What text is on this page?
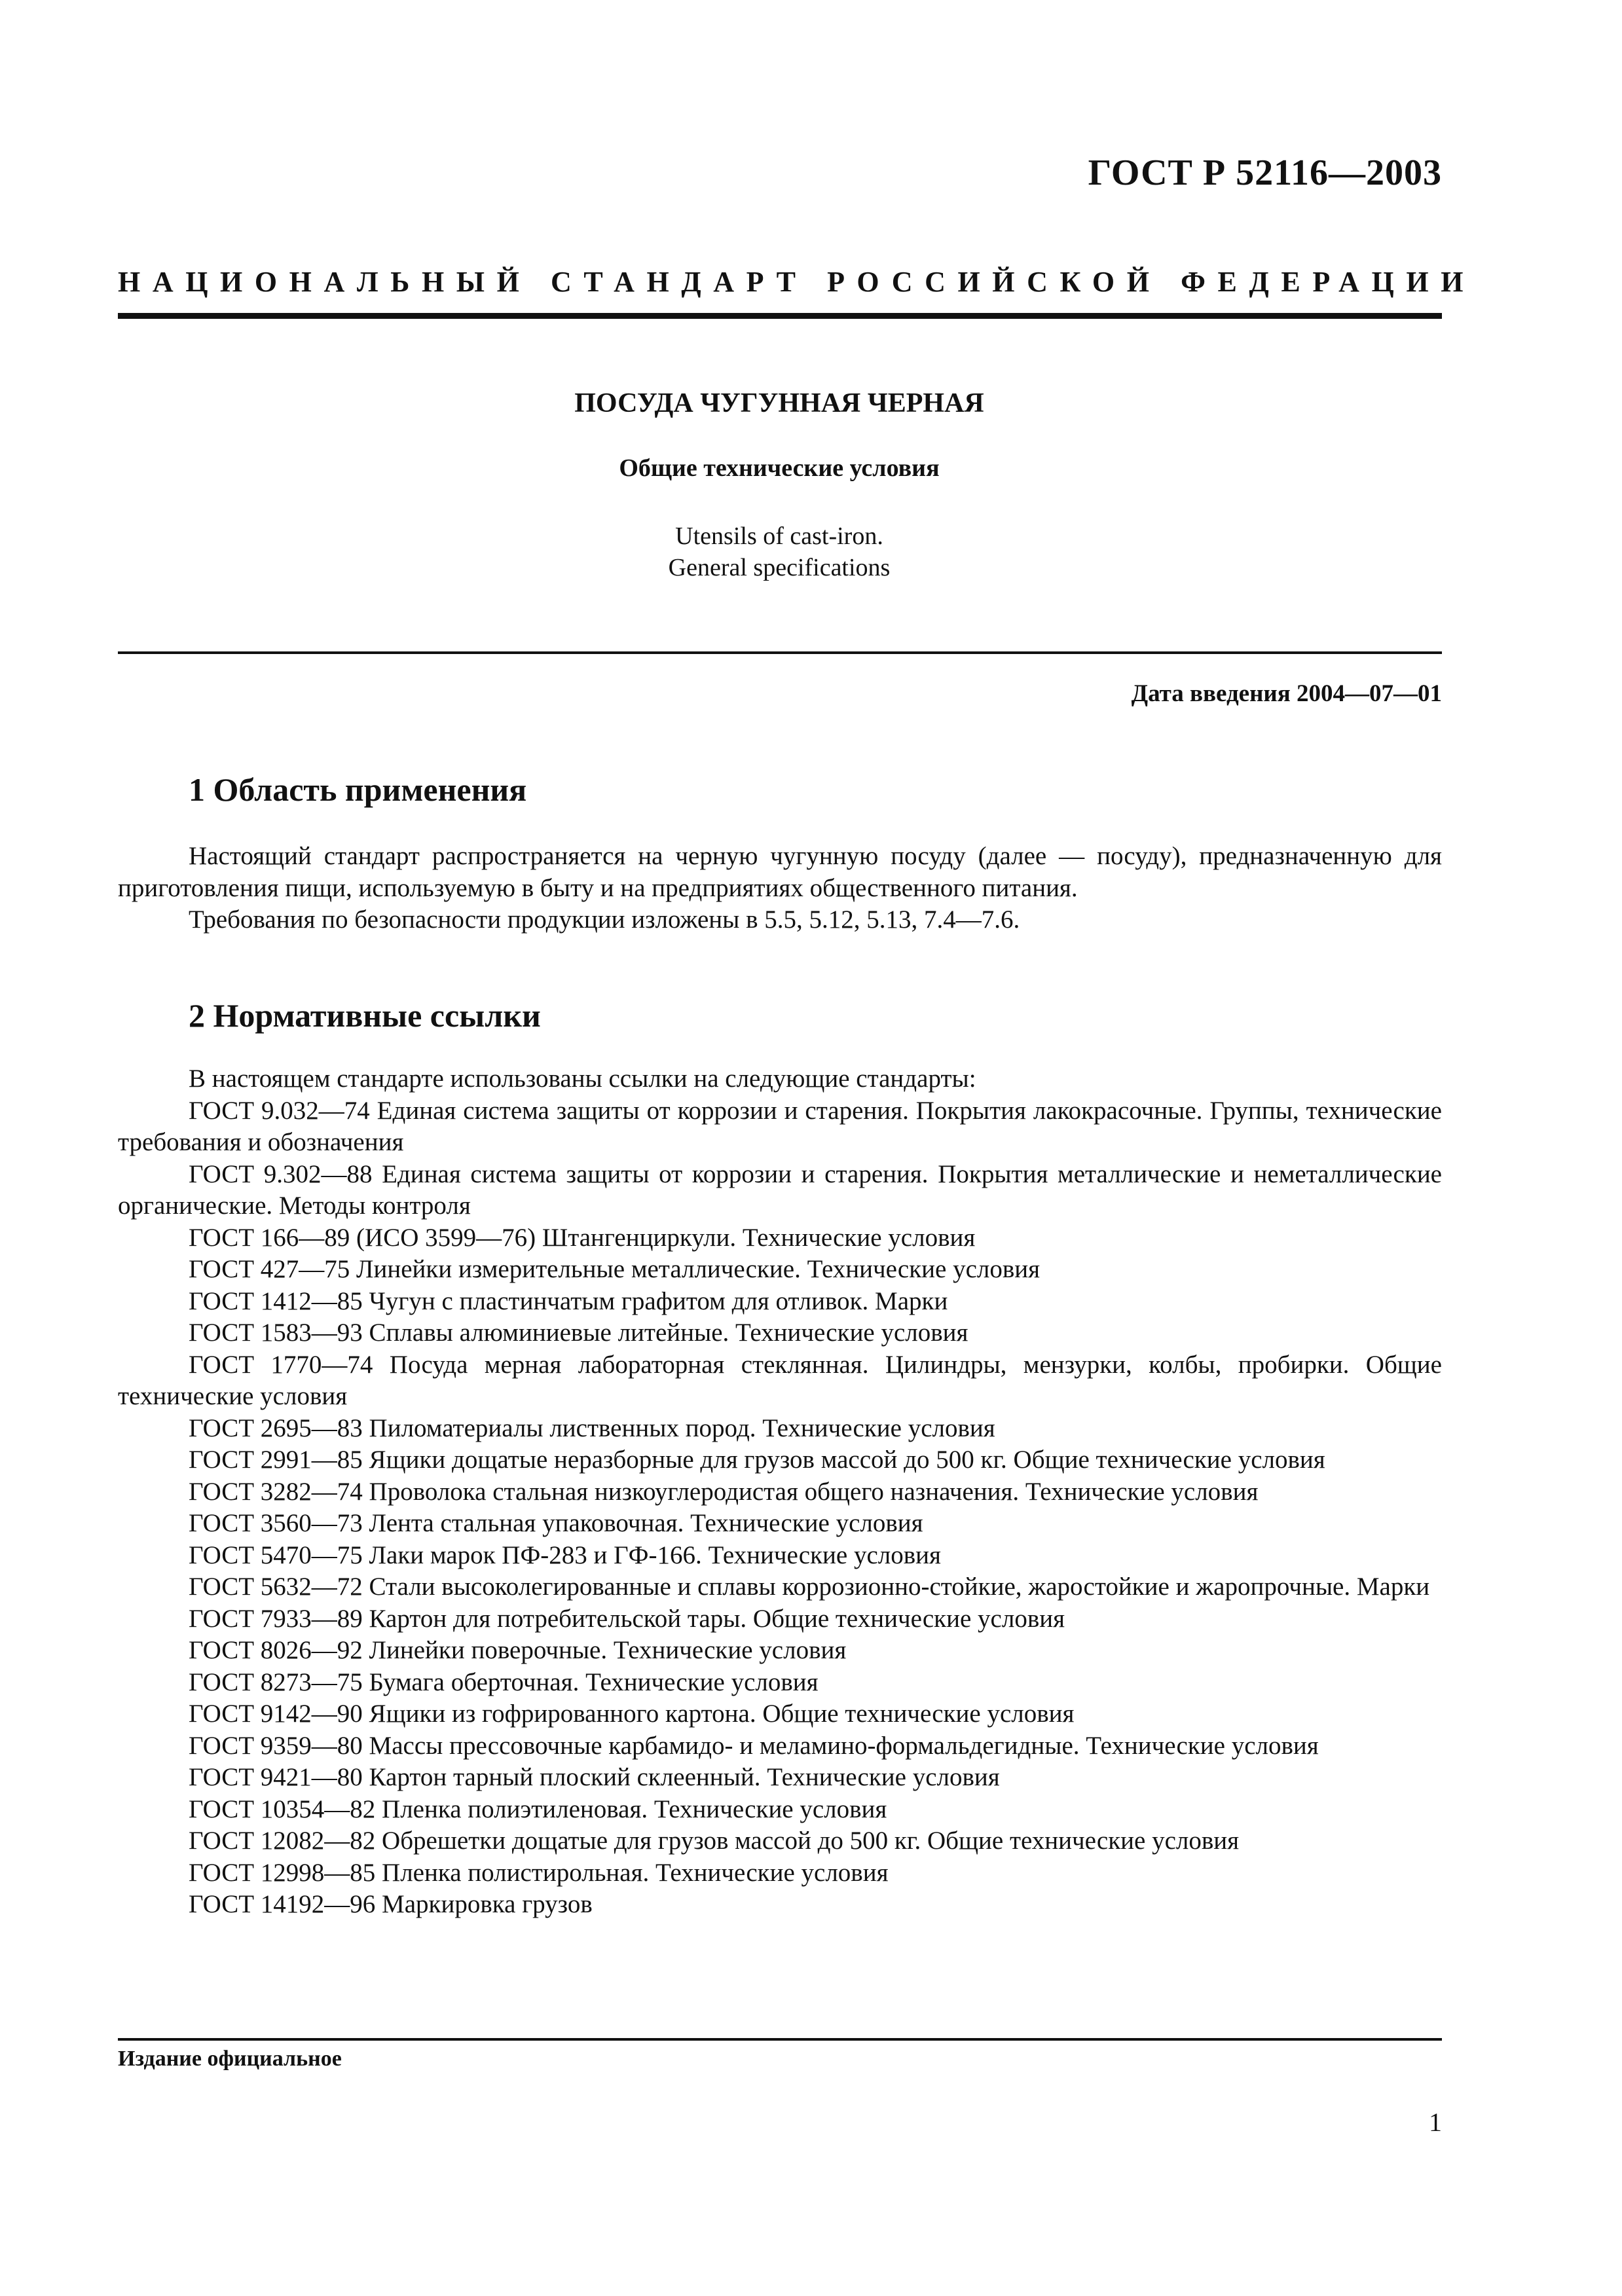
ГОСТ Р 52116—2003
НАЦИОНАЛЬНЫЙ СТАНДАРТ РОССИЙСКОЙ ФЕДЕРАЦИИ
ПОСУДА ЧУГУННАЯ ЧЕРНАЯ
Общие технические условия
Utensils of cast-iron.
General specifications
Дата введения 2004—07—01
1 Область применения

Настоящий стандарт распространяется на черную чугунную посуду (далее — посуду), предназначенную для приготовления пищи, используемую в быту и на предприятиях общественного питания.

Требования по безопасности продукции изложены в 5.5, 5.12, 5.13, 7.4—7.6.

2 Нормативные ссылки

В настоящем стандарте использованы ссылки на следующие стандарты:

ГОСТ 9.032—74 Единая система защиты от коррозии и старения. Покрытия лакокрасочные. Группы, технические требования и обозначения

ГОСТ 9.302—88 Единая система защиты от коррозии и старения. Покрытия металлические и неметаллические органические. Методы контроля

ГОСТ 166—89 (ИСО 3599—76) Штангенциркули. Технические условия

ГОСТ 427—75 Линейки измерительные металлические. Технические условия

ГОСТ 1412—85 Чугун с пластинчатым графитом для отливок. Марки

ГОСТ 1583—93 Сплавы алюминиевые литейные. Технические условия

ГОСТ 1770—74 Посуда мерная лабораторная стеклянная. Цилиндры, мензурки, колбы, пробирки. Общие технические условия

ГОСТ 2695—83 Пиломатериалы лиственных пород. Технические условия

ГОСТ 2991—85 Ящики дощатые неразборные для грузов массой до 500 кг. Общие технические условия

ГОСТ 3282—74 Проволока стальная низкоуглеродистая общего назначения. Технические условия

ГОСТ 3560—73 Лента стальная упаковочная. Технические условия

ГОСТ 5470—75 Лаки марок ПФ-283 и ГФ-166. Технические условия

ГОСТ 5632—72 Стали высоколегированные и сплавы коррозионно-стойкие, жаростойкие и жаропрочные. Марки

ГОСТ 7933—89 Картон для потребительской тары. Общие технические условия

ГОСТ 8026—92 Линейки поверочные. Технические условия

ГОСТ 8273—75 Бумага оберточная. Технические условия

ГОСТ 9142—90 Ящики из гофрированного картона. Общие технические условия

ГОСТ 9359—80 Массы прессовочные карбамидо- и меламино-формальдегидные. Технические условия

ГОСТ 9421—80 Картон тарный плоский склеенный. Технические условия

ГОСТ 10354—82 Пленка полиэтиленовая. Технические условия

ГОСТ 12082—82 Обрешетки дощатые для грузов массой до 500 кг. Общие технические условия

ГОСТ 12998—85 Пленка полистирольная. Технические условия

ГОСТ 14192—96 Маркировка грузов

Издание официальное
1
